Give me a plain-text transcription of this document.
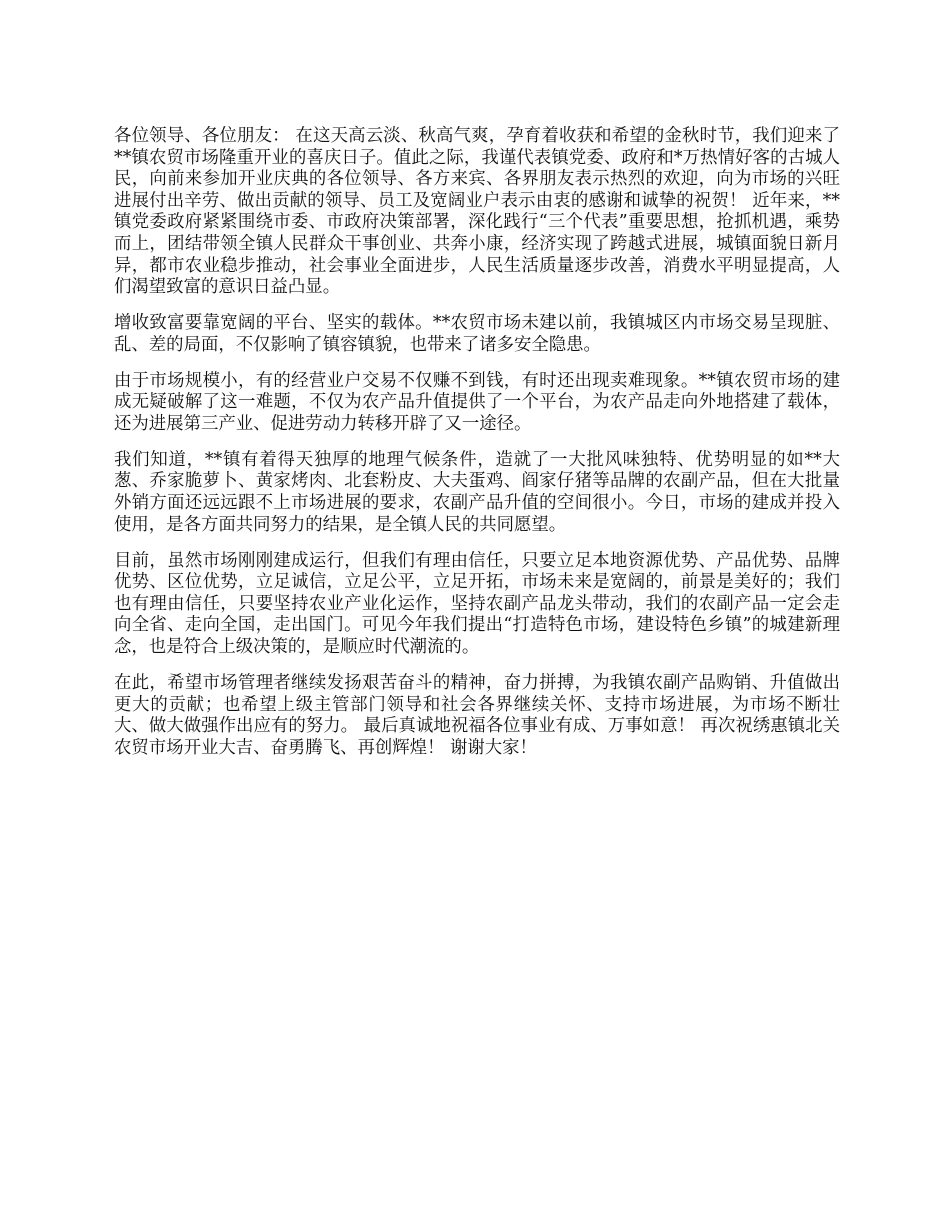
各位领导、各位朋友： 在这天高云淡、秋高气爽，孕育着收获和希望的金秋时节，我们迎来了**镇农贸市场隆重开业的喜庆日子。值此之际，我谨代表镇党委、政府和*万热情好客的古城人民，向前来参加开业庆典的各位领导、各方来宾、各界朋友表示热烈的欢迎，向为市场的兴旺进展付出辛劳、做出贡献的领导、员工及宽阔业户表示由衷的感谢和诚挚的祝贺！ 近年来，**镇党委政府紧紧围绕市委、市政府决策部署，深化践行“三个代表”重要思想，抢抓机遇，乘势而上，团结带领全镇人民群众干事创业、共奔小康，经济实现了跨越式进展，城镇面貌日新月异，都市农业稳步推动，社会事业全面进步，人民生活质量逐步改善，消费水平明显提高，人们渴望致富的意识日益凸显。

增收致富要靠宽阔的平台、坚实的载体。**农贸市场未建以前，我镇城区内市场交易呈现脏、乱、差的局面，不仅影响了镇容镇貌，也带来了诸多安全隐患。

由于市场规模小，有的经营业户交易不仅赚不到钱，有时还出现卖难现象。**镇农贸市场的建成无疑破解了这一难题，不仅为农产品升值提供了一个平台，为农产品走向外地搭建了载体，还为进展第三产业、促进劳动力转移开辟了又一途径。

我们知道，**镇有着得天独厚的地理气候条件，造就了一大批风味独特、优势明显的如**大葱、乔家脆萝卜、黄家烤肉、北套粉皮、大夫蛋鸡、阎家仔猪等品牌的农副产品，但在大批量外销方面还远远跟不上市场进展的要求，农副产品升值的空间很小。今日，市场的建成并投入使用，是各方面共同努力的结果，是全镇人民的共同愿望。

目前，虽然市场刚刚建成运行，但我们有理由信任，只要立足本地资源优势、产品优势、品牌优势、区位优势，立足诚信，立足公平，立足开拓，市场未来是宽阔的，前景是美好的；我们也有理由信任，只要坚持农业产业化运作，坚持农副产品龙头带动，我们的农副产品一定会走向全省、走向全国，走出国门。可见今年我们提出“打造特色市场，建设特色乡镇”的城建新理念，也是符合上级决策的，是顺应时代潮流的。

在此，希望市场管理者继续发扬艰苦奋斗的精神，奋力拼搏，为我镇农副产品购销、升值做出更大的贡献；也希望上级主管部门领导和社会各界继续关怀、支持市场进展，为市场不断壮大、做大做强作出应有的努力。 最后真诚地祝福各位事业有成、万事如意！ 再次祝绣惠镇北关农贸市场开业大吉、奋勇腾飞、再创辉煌！ 谢谢大家！
